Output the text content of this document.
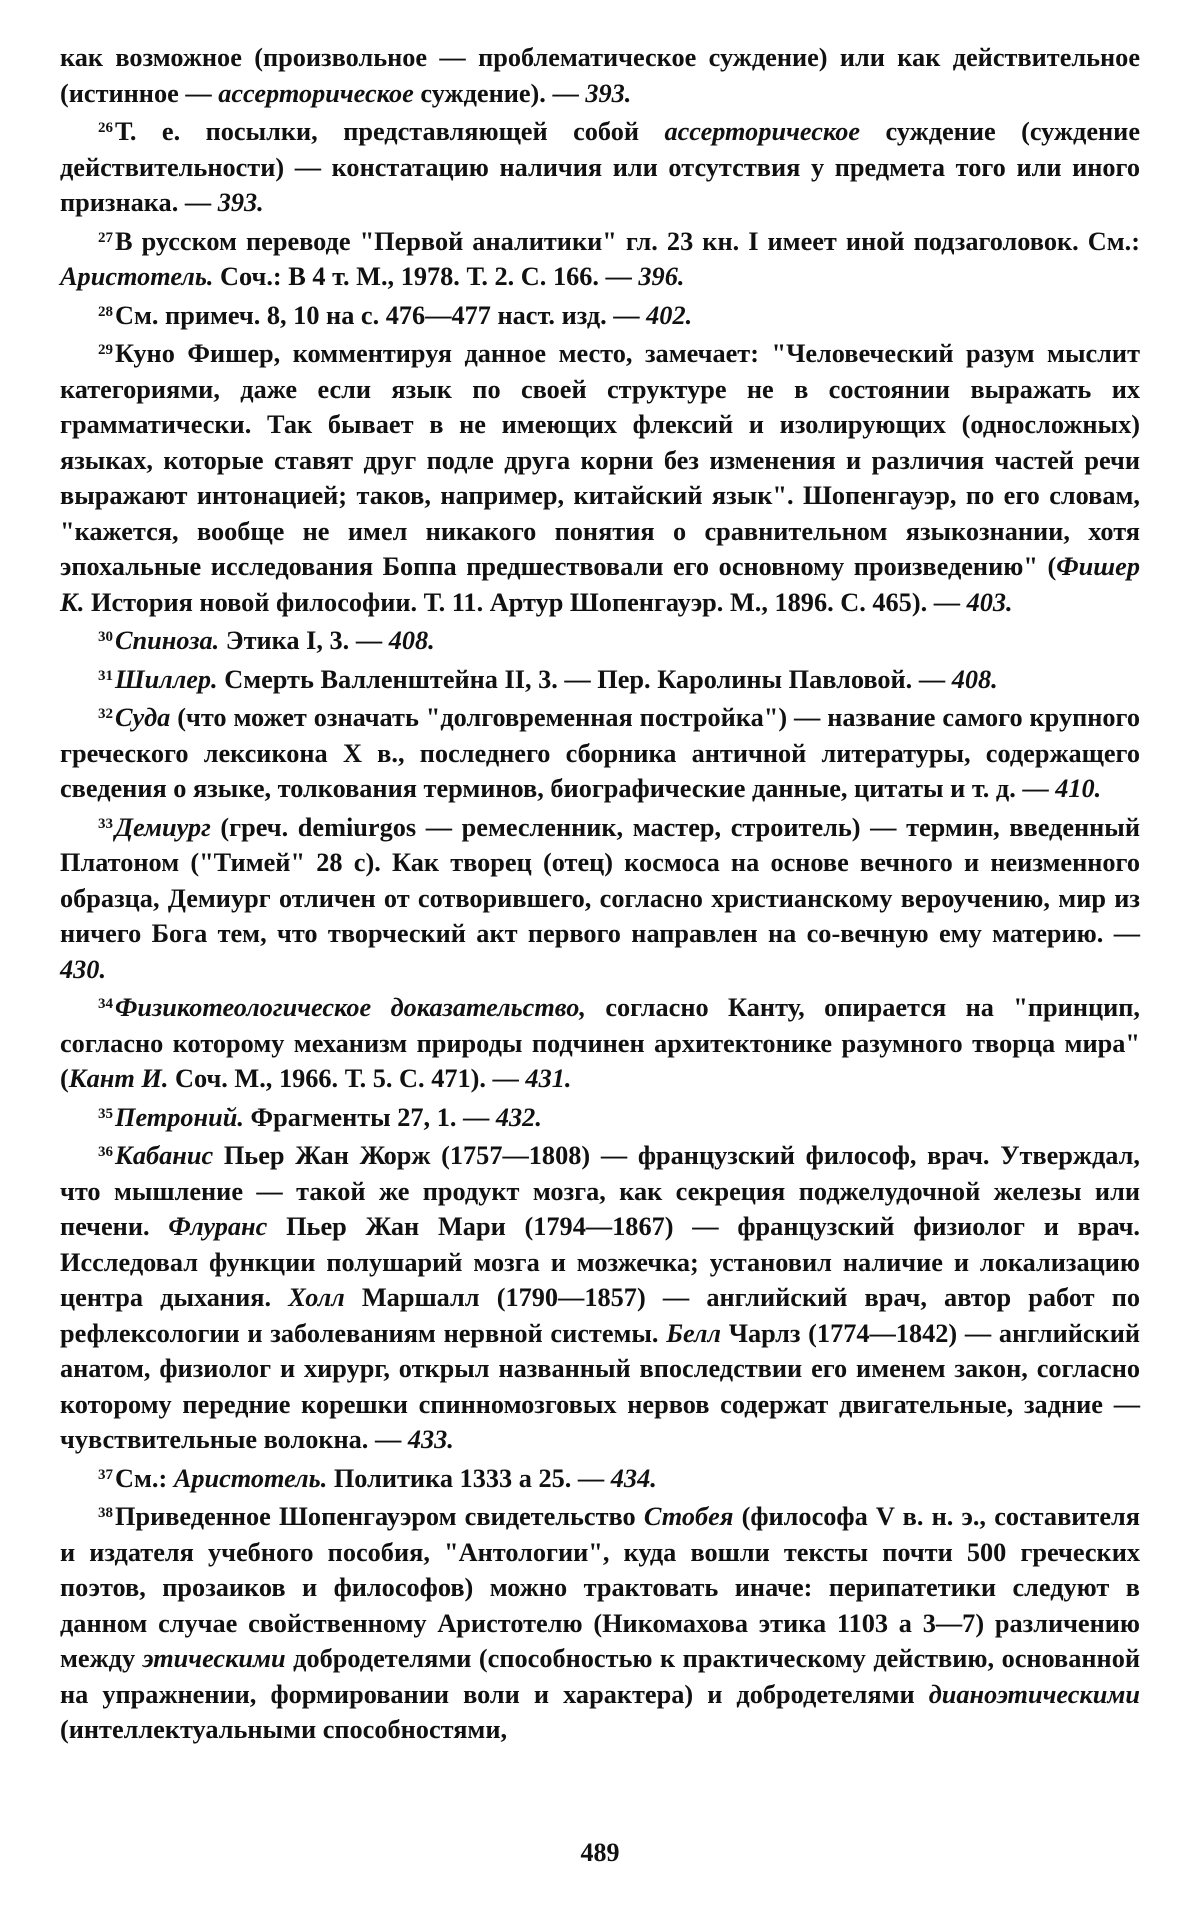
как возможное (произвольное — проблематическое суждение) или как действительное (истинное — ассерторическое суждение). — 393.

$^{26}$Т. е. посылки, представляющей собой ассерторическое суждение (суждение действительности) — констатацию наличия или отсутствия у предмета того или иного признака. — 393.

$^{27}$В русском переводе "Первой аналитики" гл. 23 кн. I имеет иной подзаголовок. См.: Аристотель. Соч.: В 4 т. М., 1978. Т. 2. С. 166. — 396.

$^{28}$См. примеч. 8, 10 на с. 476—477 наст. изд. — 402.

$^{29}$Куно Фишер, комментируя данное место, замечает: "Человеческий разум мыслит категориями, даже если язык по своей структуре не в состоянии выражать их грамматически. Так бывает в не имеющих флексий и изолирующих (односложных) языках, которые ставят друг подле друга корни без изменения и различия частей речи выражают интонацией; таков, например, китайский язык". Шопенгауэр, по его словам, "кажется, вообще не имел никакого понятия о сравнительном языкознании, хотя эпохальные исследования Боппа предшествовали его основному произведению" (Фишер К. История новой философии. Т. 11. Артур Шопенгауэр. М., 1896. С. 465). — 403.

$^{30}$Спиноза. Этика I, 3. — 408.

$^{31}$Шиллер. Смерть Валленштейна II, 3. — Пер. Каролины Павловой. — 408.

$^{32}$Суда (что может означать "долговременная постройка") — название самого крупного греческого лексикона X в., последнего сборника античной литературы, содержащего сведения о языке, толкования терминов, биографические данные, цитаты и т. д. — 410.

$^{33}$Демиург (греч. demiurgos — ремесленник, мастер, строитель) — термин, введенный Платоном ("Тимей" 28 с). Как творец (отец) космоса на основе вечного и неизменного образца, Демиург отличен от сотворившего, согласно христианскому вероучению, мир из ничего Бога тем, что творческий акт первого направлен на со-вечную ему материю. — 430.

$^{34}$Физикотеологическое доказательство, согласно Канту, опирается на "принцип, согласно которому механизм природы подчинен архитектонике разумного творца мира" (Кант И. Соч. М., 1966. Т. 5. С. 471). — 431.

$^{35}$Петроний. Фрагменты 27, 1. — 432.

$^{36}$Кабанис Пьер Жан Жорж (1757—1808) — французский философ, врач. Утверждал, что мышление — такой же продукт мозга, как секреция поджелудочной железы или печени. Флуранс Пьер Жан Мари (1794—1867) — французский физиолог и врач. Исследовал функции полушарий мозга и мозжечка; установил наличие и локализацию центра дыхания. Холл Маршалл (1790—1857) — английский врач, автор работ по рефлексологии и заболеваниям нервной системы. Белл Чарлз (1774—1842) — английский анатом, физиолог и хирург, открыл названный впоследствии его именем закон, согласно которому передние корешки спинномозговых нервов содержат двигательные, задние — чувствительные волокна. — 433.

$^{37}$См.: Аристотель. Политика 1333 а 25. — 434.

$^{38}$Приведенное Шопенгауэром свидетельство Стобея (философа V в. н. э., составителя и издателя учебного пособия, "Антологии", куда вошли тексты почти 500 греческих поэтов, прозаиков и философов) можно трактовать иначе: перипатетики следуют в данном случае свойственному Аристотелю (Никомахова этика 1103 а 3—7) различению между этическими добродетелями (способностью к практическому действию, основанной на упражнении, формировании воли и характера) и добродетелями дианоэтическими (интеллектуальными способностями,

489
